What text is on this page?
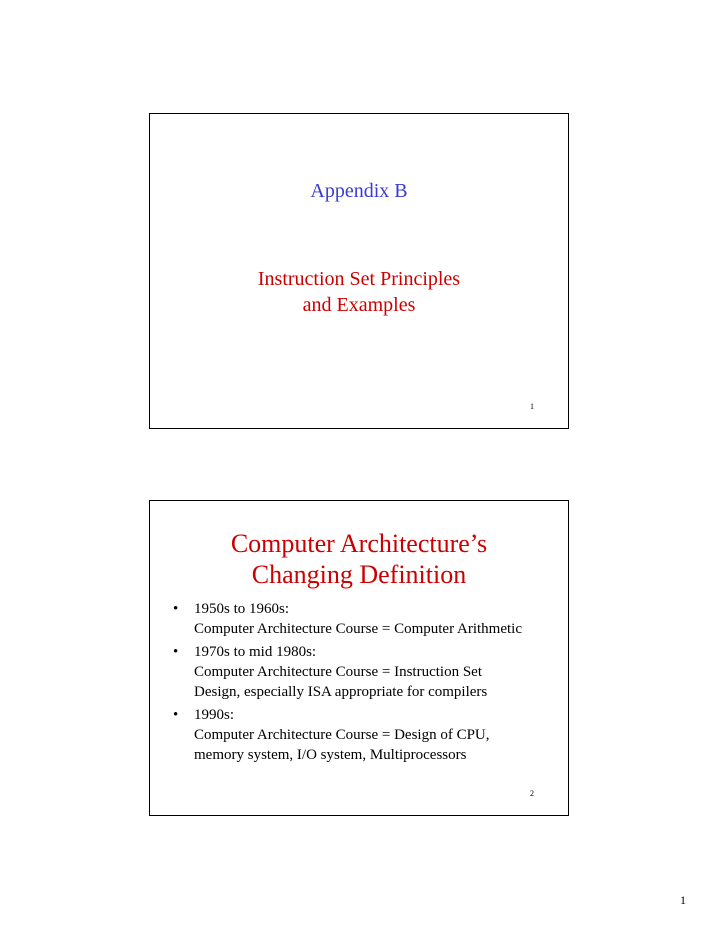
Appendix B
Instruction Set Principles
and Examples
1
Computer Architecture’s
Changing Definition
• 1950s to 1960s:
Computer Architecture Course = Computer Arithmetic
• 1970s to mid 1980s:
Computer Architecture Course = Instruction Set
Design, especially ISA appropriate for compilers
• 1990s:
Computer Architecture Course = Design of CPU,
memory system, I/O system, Multiprocessors
2
1
